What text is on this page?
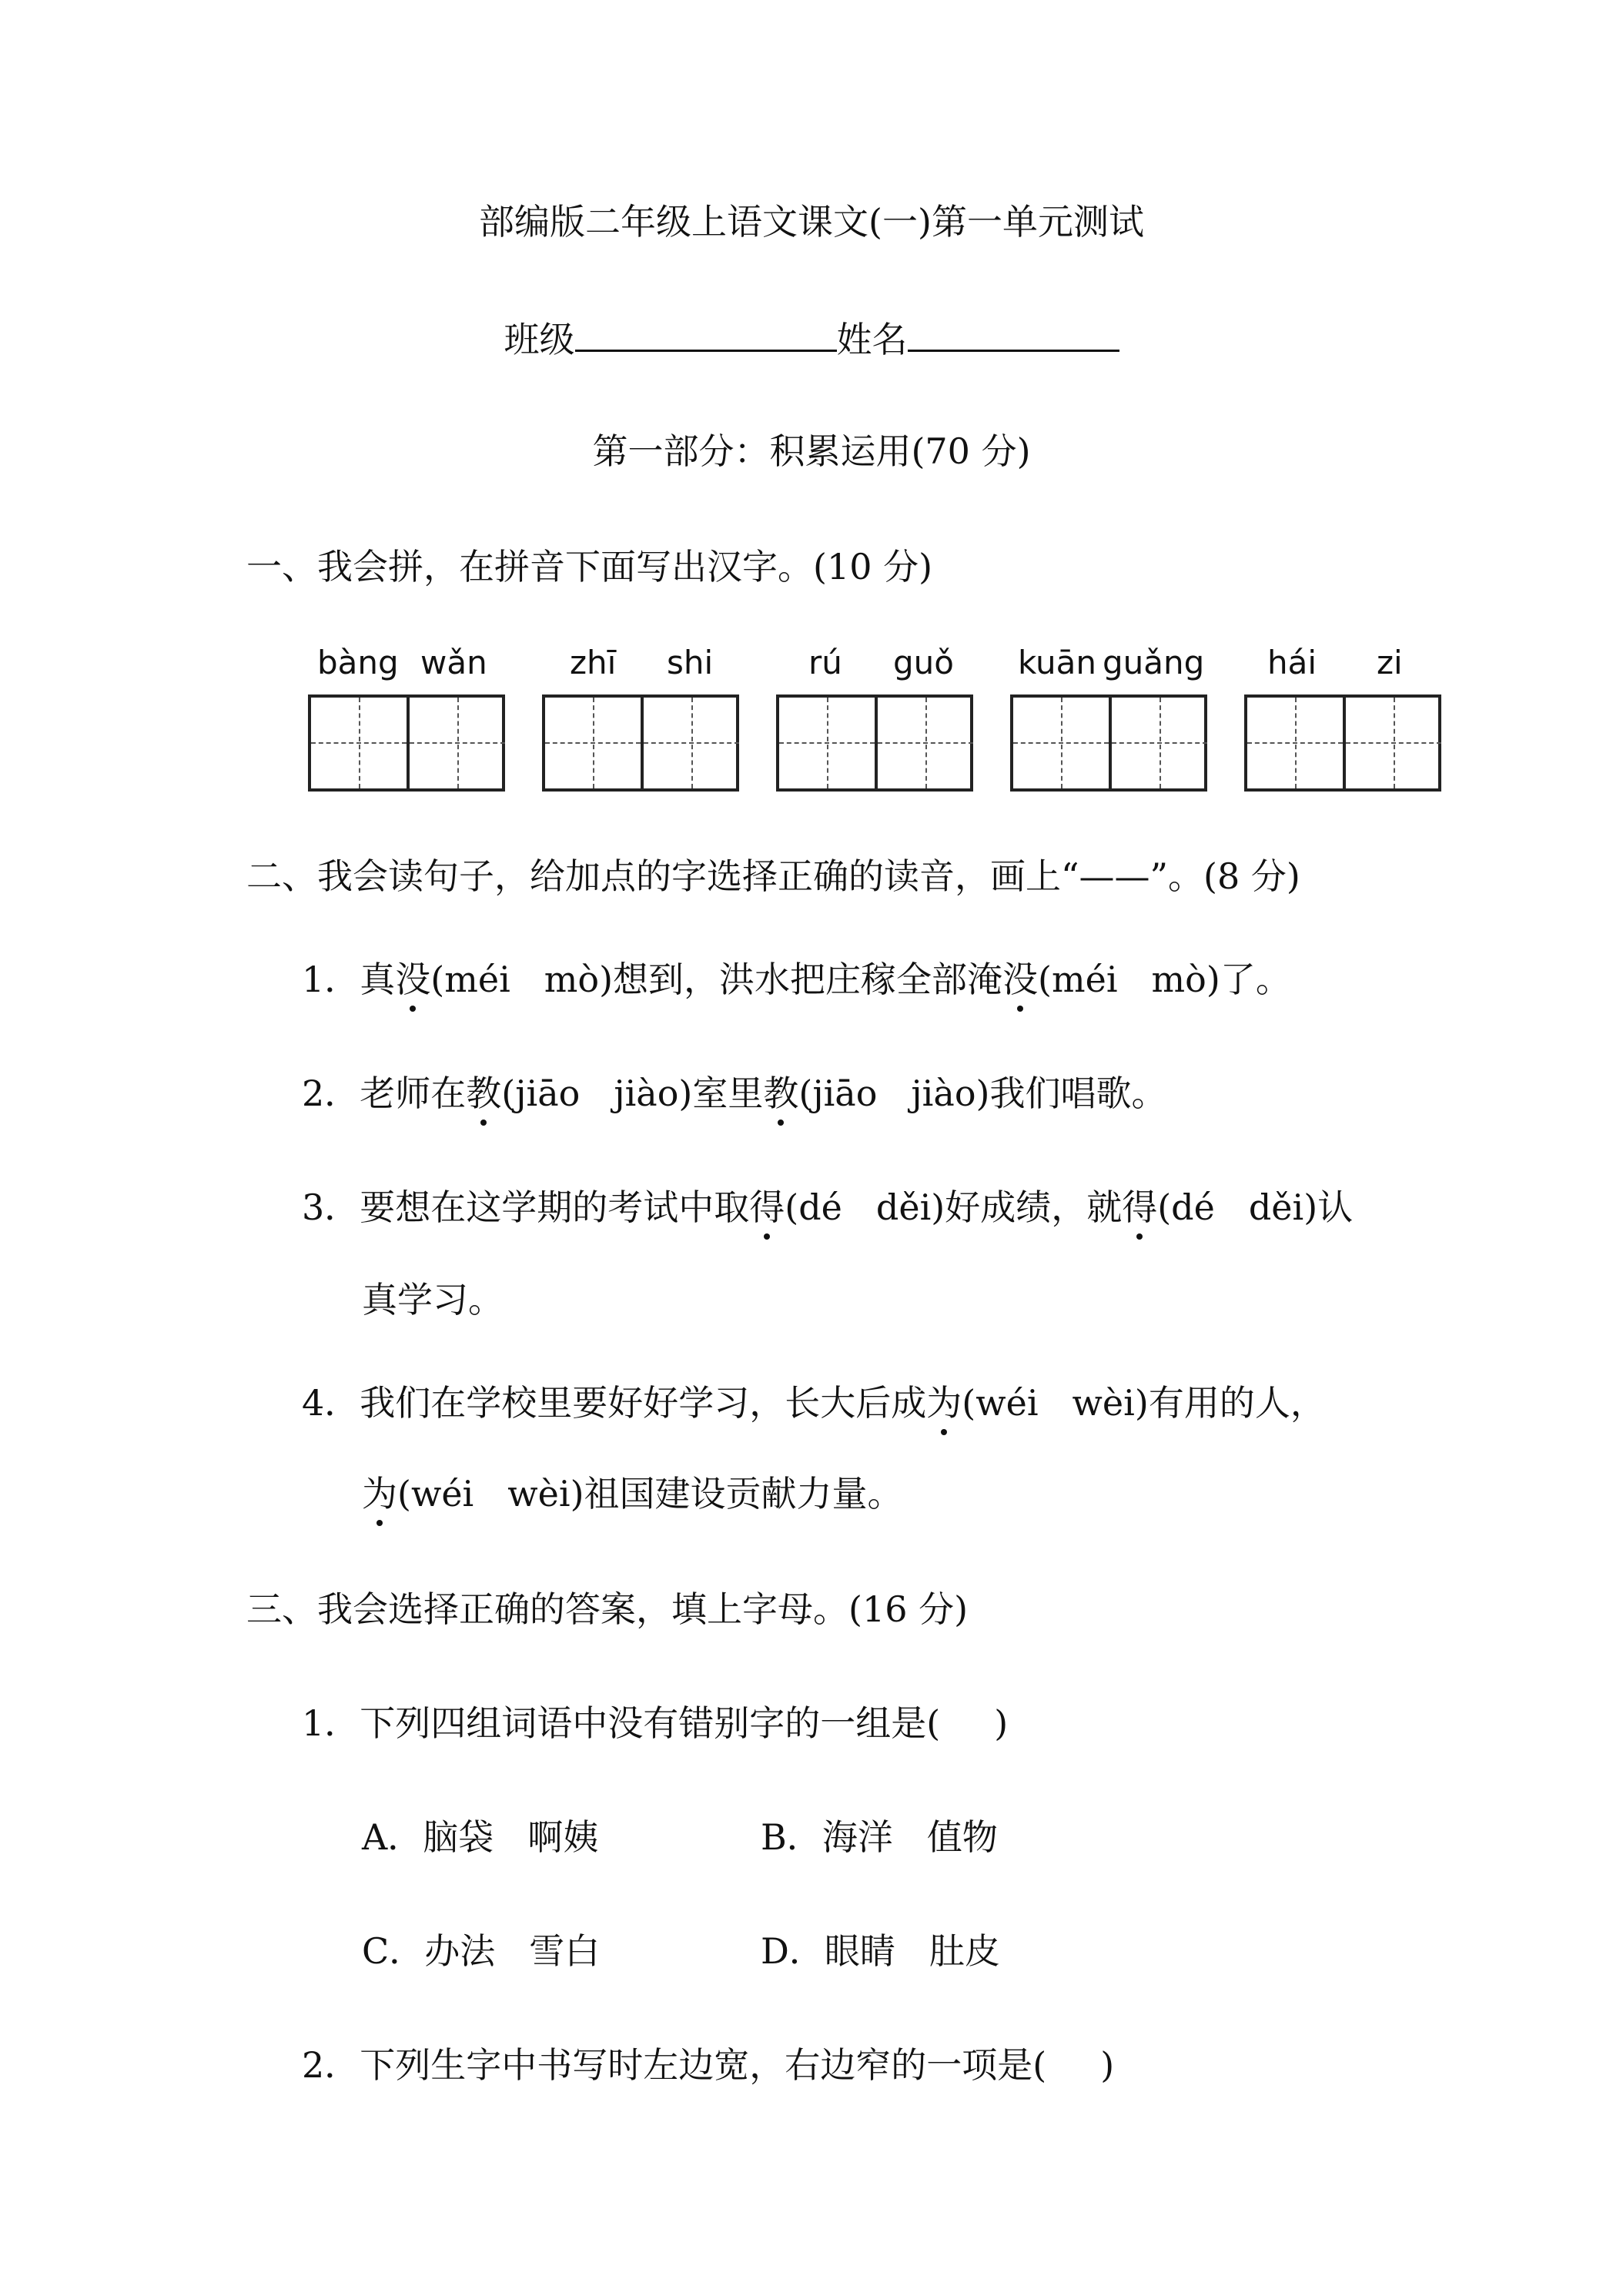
部编版二年级上语文课文(一)第一单元测试
班级	姓名
第一部分：积累运用(70 分)
一、我会拼，在拼音下面写出汉字。(10 分)
bàng wǎn	zhī shi	rú guǒ kuān guǎng hái zi
二、我会读句子，给加点的字选择正确的读音，画上“——”。(8 分)
1．真没(méi mò)想到，洪水把庄稼全部淹没(méi mò)了。
2．老师在教(jiāo jiào)室里教(jiāo jiào)我们唱歌。
3．要想在这学期的考试中取得(dé děi)好成绩，就得(dé děi)认
真学习。
4．我们在学校里要好好学习，长大后成为(wéi wèi)有用的人，
为(wéi wèi)祖国建设贡献力量。
三、我会选择正确的答案，填上字母。(16 分)
1．下列四组词语中没有错别字的一组是( )
A．脑袋 啊姨	B．海洋 值物
C．办法 雪白	D．眼睛 肚皮
2．下列生字中书写时左边宽，右边窄的一项是( )
